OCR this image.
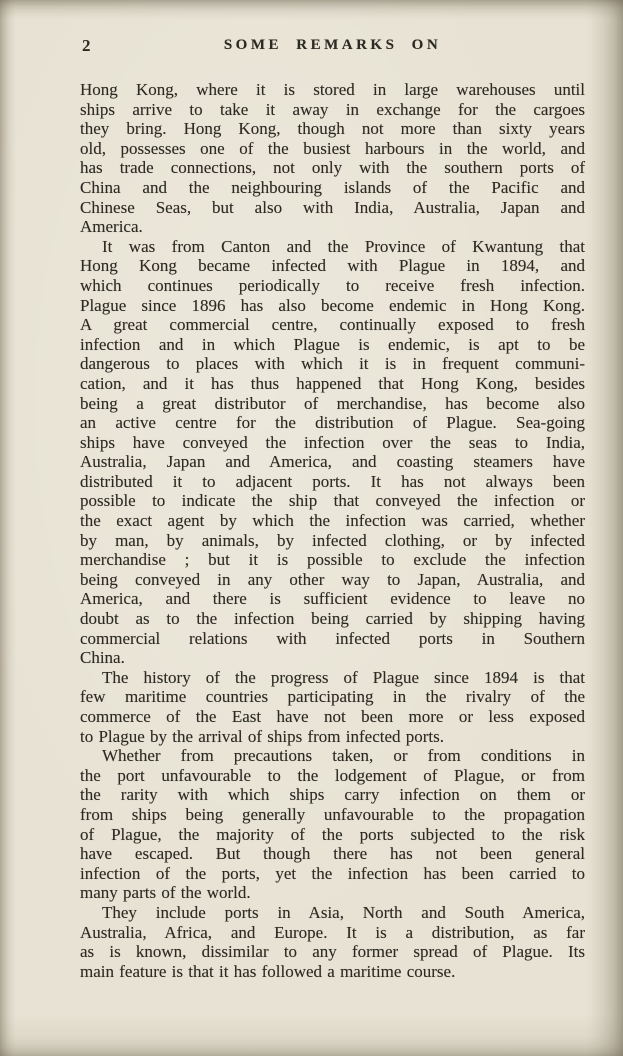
2	SOME REMARKS ON
Hong Kong, where it is stored in large warehouses until
ships arrive to take it away in exchange for the cargoes
they bring. Hong Kong, though not more than sixty years
old, possesses one of the busiest harbours in the world, and
has trade connections, not only with the southern ports of
China and the neighbouring islands of the Pacific and
Chinese Seas, but also with India, Australia, Japan and
America.
It was from Canton and the Province of Kwantung that
Hong Kong became infected with Plague in 1894, and
which continues periodically to receive fresh infection.
Plague since 1896 has also become endemic in Hong Kong.
A great commercial centre, continually exposed to fresh
infection and in which Plague is endemic, is apt to be
dangerous to places with which it is in frequent communi-
cation, and it has thus happened that Hong Kong, besides
being a great distributor of merchandise, has become also
an active centre for the distribution of Plague. Sea-going
ships have conveyed the infection over the seas to India,
Australia, Japan and America, and coasting steamers have
distributed it to adjacent ports. It has not always been
possible to indicate the ship that conveyed the infection or
the exact agent by which the infection was carried, whether
by man, by animals, by infected clothing, or by infected
merchandise ; but it is possible to exclude the infection
being conveyed in any other way to Japan, Australia, and
America, and there is sufficient evidence to leave no
doubt as to the infection being carried by shipping having
commercial relations with infected ports in Southern
China.
The history of the progress of Plague since 1894 is that
few maritime countries participating in the rivalry of the
commerce of the East have not been more or less exposed
to Plague by the arrival of ships from infected ports.
Whether from precautions taken, or from conditions in
the port unfavourable to the lodgement of Plague, or from
the rarity with which ships carry infection on them or
from ships being generally unfavourable to the propagation
of Plague, the majority of the ports subjected to the risk
have escaped. But though there has not been general
infection of the ports, yet the infection has been carried to
many parts of the world.
They include ports in Asia, North and South America,
Australia, Africa, and Europe. It is a distribution, as far
as is known, dissimilar to any former spread of Plague. Its
main feature is that it has followed a maritime course.
